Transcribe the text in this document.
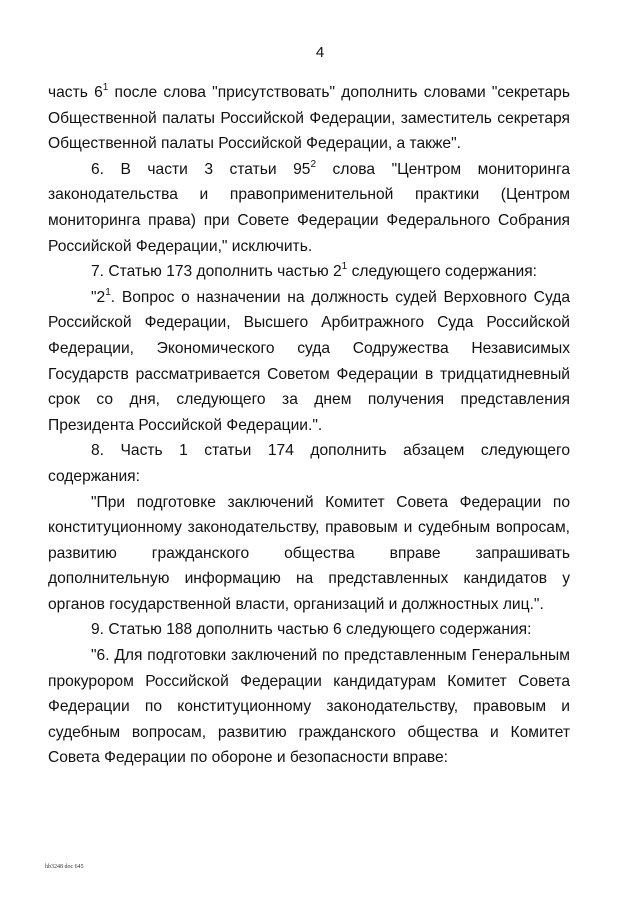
4

часть $6^1$ после слова "присутствовать" дополнить словами "секретарь Общественной палаты Российской Федерации, заместитель секретаря Общественной палаты Российской Федерации, а также".

6. В части 3 статьи $95^2$ слова "Центром мониторинга законодательства и правоприменительной практики (Центром мониторинга права) при Совете Федерации Федерального Собрания Российской Федерации," исключить.

7. Статью 173 дополнить частью $2^1$ следующего содержания:

"$2^1$. Вопрос о назначении на должность судей Верховного Суда Российской Федерации, Высшего Арбитражного Суда Российской Федерации, Экономического суда Содружества Независимых Государств рассматривается Советом Федерации в тридцатидневный срок со дня, следующего за днем получения представления Президента Российской Федерации.".

8. Часть 1 статьи 174 дополнить абзацем следующего содержания:

"При подготовке заключений Комитет Совета Федерации по конституционному законодательству, правовым и судебным вопросам, развитию гражданского общества вправе запрашивать дополнительную информацию на представленных кандидатов у органов государственной власти, организаций и должностных лиц.".

9. Статью 188 дополнить частью 6 следующего содержания:

"6. Для подготовки заключений по представленным Генеральным прокурором Российской Федерации кандидатурам Комитет Совета Федерации по конституционному законодательству, правовым и судебным вопросам, развитию гражданского общества и Комитет Совета Федерации по обороне и безопасности вправе:

hb3248 doc 645
